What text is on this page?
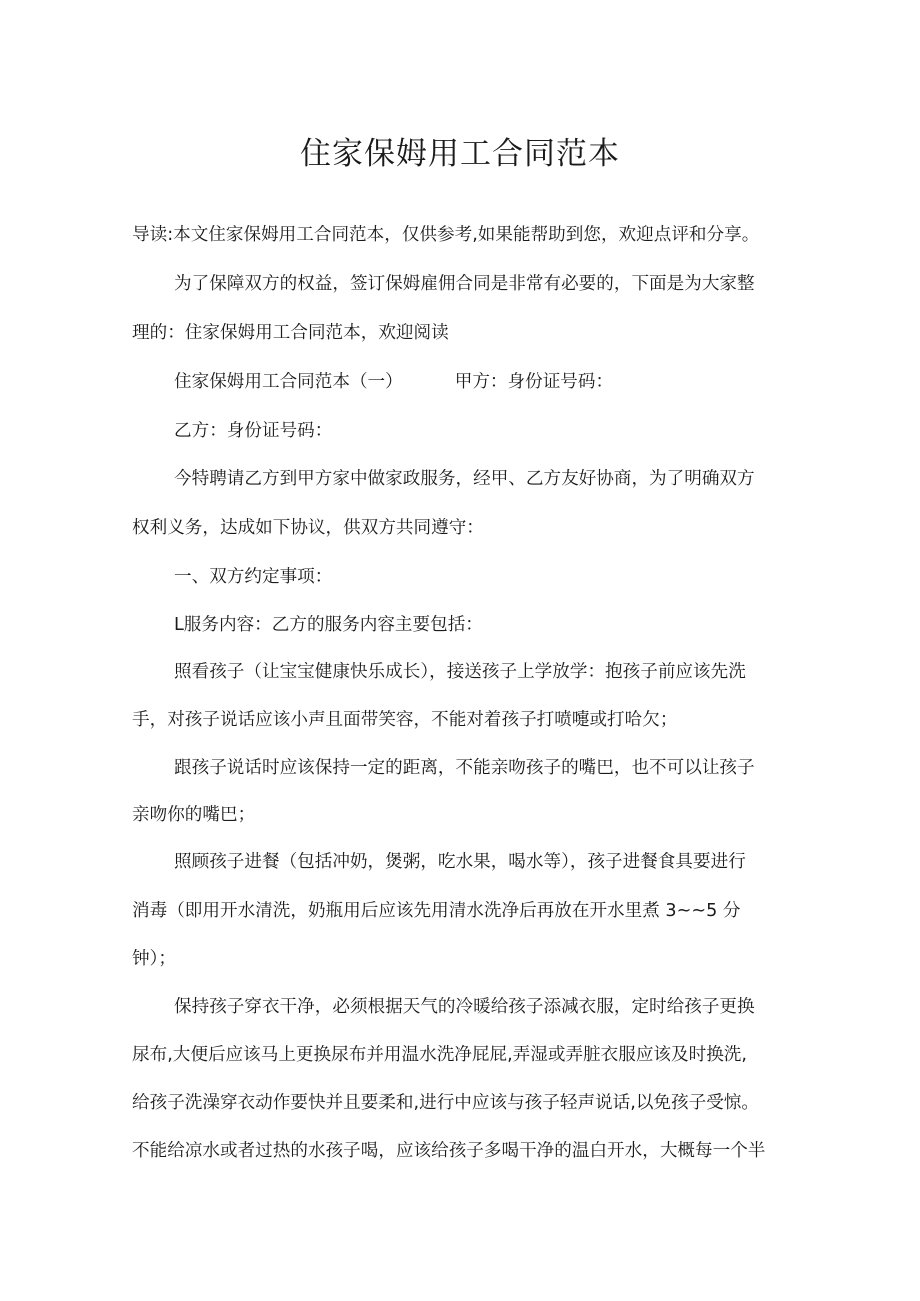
住家保姆用工合同范本
导读:本文住家保姆用工合同范本，仅供参考,如果能帮助到您，欢迎点评和分享。
为了保障双方的权益，签订保姆雇佣合同是非常有必要的，下面是为大家整
理的：住家保姆用工合同范本，欢迎阅读
住家保姆用工合同范本（一）	甲方：身份证号码：
乙方：身份证号码：
今特聘请乙方到甲方家中做家政服务，经甲、乙方友好协商，为了明确双方
权利义务，达成如下协议，供双方共同遵守：
一、双方约定事项：
L服务内容：乙方的服务内容主要包括：
照看孩子（让宝宝健康快乐成长），接送孩子上学放学：抱孩子前应该先洗
手，对孩子说话应该小声且面带笑容，不能对着孩子打喷嚏或打哈欠；
跟孩子说话时应该保持一定的距离，不能亲吻孩子的嘴巴，也不可以让孩子
亲吻你的嘴巴；
照顾孩子进餐（包括冲奶，煲粥，吃水果，喝水等），孩子进餐食具要进行
消毒（即用开水清洗，奶瓶用后应该先用清水洗净后再放在开水里煮 3~~5 分
钟）；
保持孩子穿衣干净，必须根据天气的冷暖给孩子添减衣服，定时给孩子更换
尿布,大便后应该马上更换尿布并用温水洗净屁屁,弄湿或弄脏衣服应该及时换洗,
给孩子洗澡穿衣动作要快并且要柔和,进行中应该与孩子轻声说话,以免孩子受惊。
不能给凉水或者过热的水孩子喝，应该给孩子多喝干净的温白开水，大概每一个半
